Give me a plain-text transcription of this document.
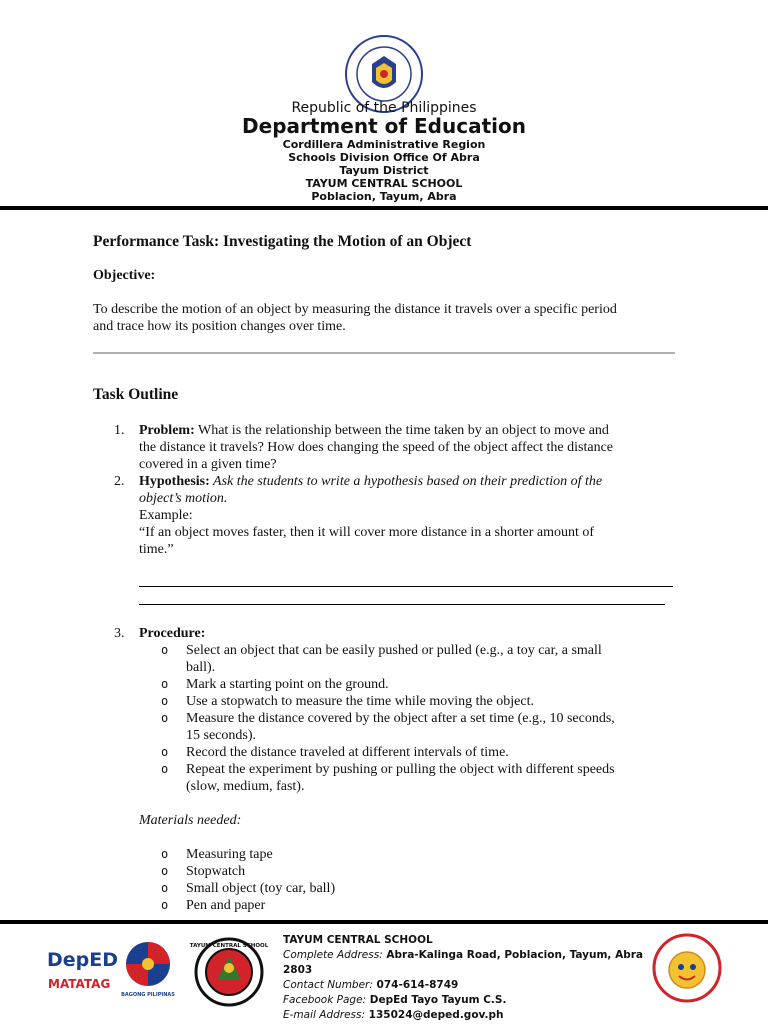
Republic of the Philippines
Department of Education
Cordillera Administrative Region
Schools Division Office Of Abra
Tayum District
TAYUM CENTRAL SCHOOL
Poblacion, Tayum, Abra
Performance Task: Investigating the Motion of an Object
Objective:
To describe the motion of an object by measuring the distance it travels over a specific period
and trace how its position changes over time.
Task Outline
1. Problem: What is the relationship between the time taken by an object to move and
the distance it travels? How does changing the speed of the object affect the distance
covered in a given time?
2. Hypothesis: Ask the students to write a hypothesis based on their prediction of the
object’s motion.
Example:
“If an object moves faster, then it will cover more distance in a shorter amount of
time.”
3. Procedure:
o Select an object that can be easily pushed or pulled (e.g., a toy car, a small
ball).
o Mark a starting point on the ground.
o Use a stopwatch to measure the time while moving the object.
o Measure the distance covered by the object after a set time (e.g., 10 seconds,
15 seconds).
o Record the distance traveled at different intervals of time.
o Repeat the experiment by pushing or pulling the object with different speeds
(slow, medium, fast).
Materials needed:
o Measuring tape
o Stopwatch
o Small object (toy car, ball)
o Pen and paper
DepED
MATATAG
BAGONG PILIPINAS
TAYUM CENTRAL SCHOOL TAYUM CENTRAL SCHOOL
Complete Address: Abra-Kalinga Road, Poblacion, Tayum, Abra 2803
Contact Number: 074-614-8749
Facebook Page: DepEd Tayo Tayum C.S.
E-mail Address: 135024@deped.gov.ph
